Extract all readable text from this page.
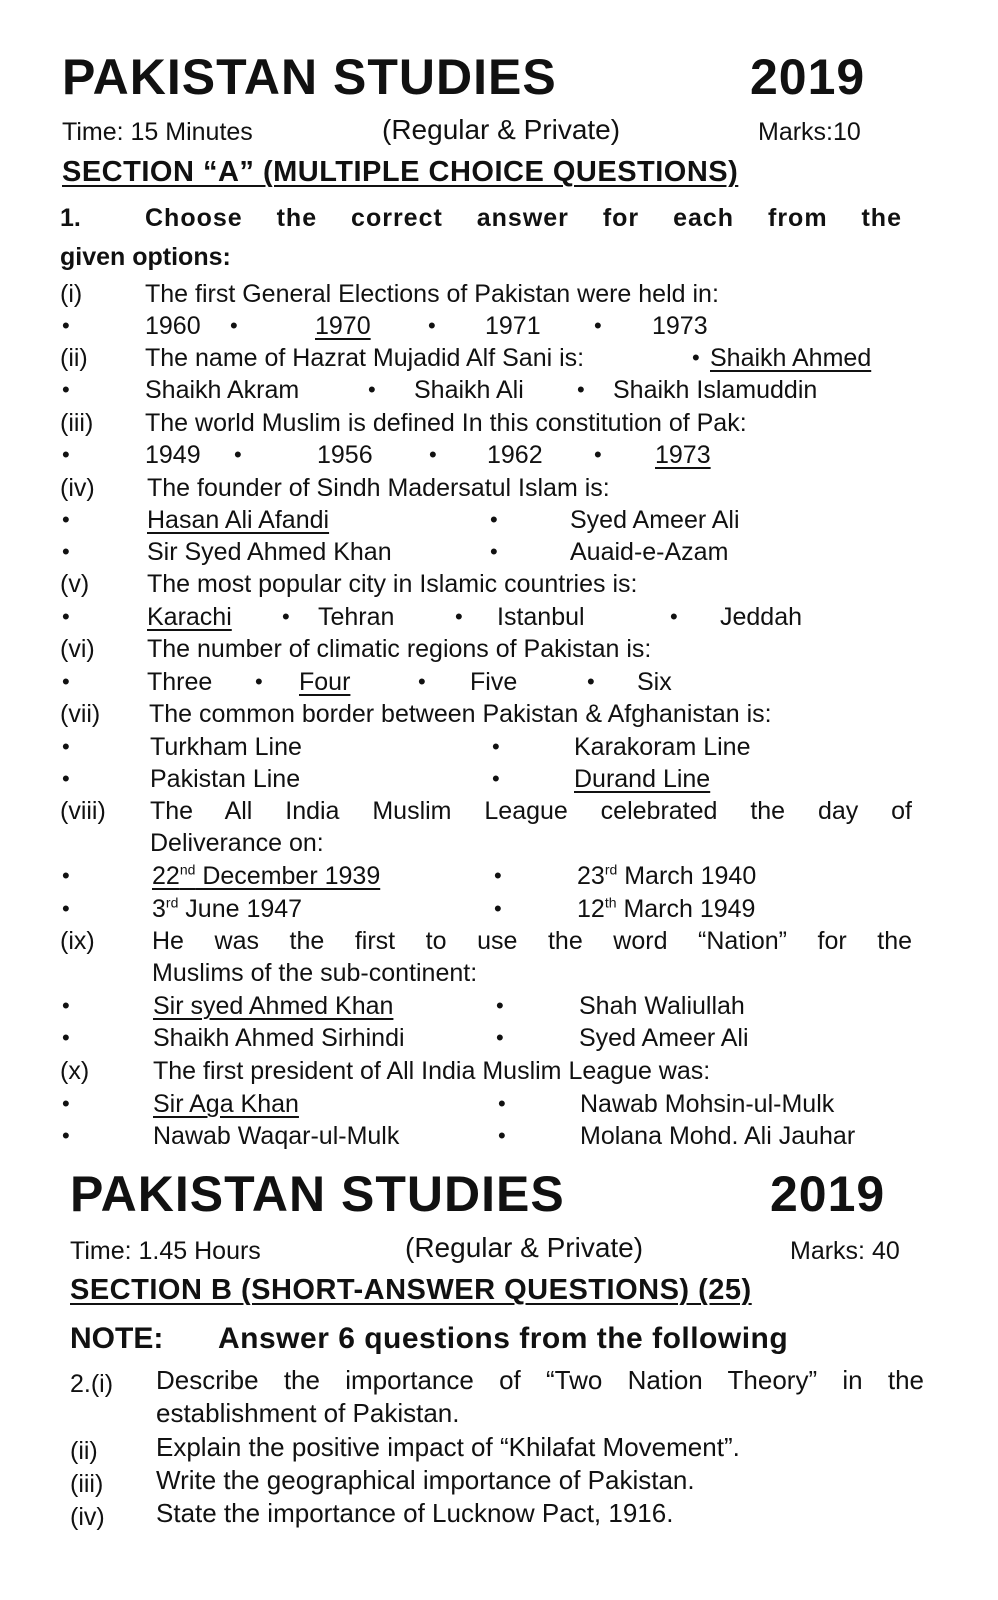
PAKISTAN STUDIES	2019
Time: 15 Minutes	(Regular & Private)	Marks:10
SECTION “A” (MULTIPLE CHOICE QUESTIONS)
1.	Choose the correct answer for each from the
given options:
(i)	The first General Elections of Pakistan were held in:
•	1960 •	1970	• 1971 • 1973
(ii) The name of Hazrat Mujadid Alf Sani is:	• Shaikh Ahmed
•	Shaikh Akram	• Shaikh Ali • Shaikh Islamuddin
(iii) The world Muslim is defined In this constitution of Pak:
•	1949 •	1956	• 1962 • 1973
(iv) The founder of Sindh Madersatul Islam is:
•	Hasan Ali Afandi	•	Syed Ameer Ali
•	Sir Syed Ahmed Khan	•	Auaid-e-Azam
(v) The most popular city in Islamic countries is:
•	Karachi • Tehran	• Istanbul	• Jeddah
(vi) The number of climatic regions of Pakistan is:
•	Three • Four	• Five	• Six
(vii) The common border between Pakistan & Afghanistan is:
•	Turkham Line	•	Karakoram Line
•	Pakistan Line	•	Durand Line
(viii) The All India Muslim League celebrated the day of
Deliverance on:
•	22nd December 1939	•	23rd March 1940
•	3rd June 1947	•	12th March 1949
(ix) He was the first to use the word “Nation” for the
Muslims of the sub-continent:
•	Sir syed Ahmed Khan	•	Shah Waliullah
•	Shaikh Ahmed Sirhindi	•	Syed Ameer Ali
(x)	The first president of All India Muslim League was:
•	Sir Aga Khan	•	Nawab Mohsin-ul-Mulk
•	Nawab Waqar-ul-Mulk	•	Molana Mohd. Ali Jauhar
PAKISTAN STUDIES	2019
Time: 1.45 Hours	(Regular & Private)	Marks: 40
SECTION B (SHORT-ANSWER QUESTIONS) (25)
NOTE: Answer 6 questions from the following
2.(i) Describe the importance of “Two Nation Theory” in the
establishment of Pakistan.
(ii) Explain the positive impact of “Khilafat Movement”.
(iii) Write the geographical importance of Pakistan.
(iv) State the importance of Lucknow Pact, 1916.
